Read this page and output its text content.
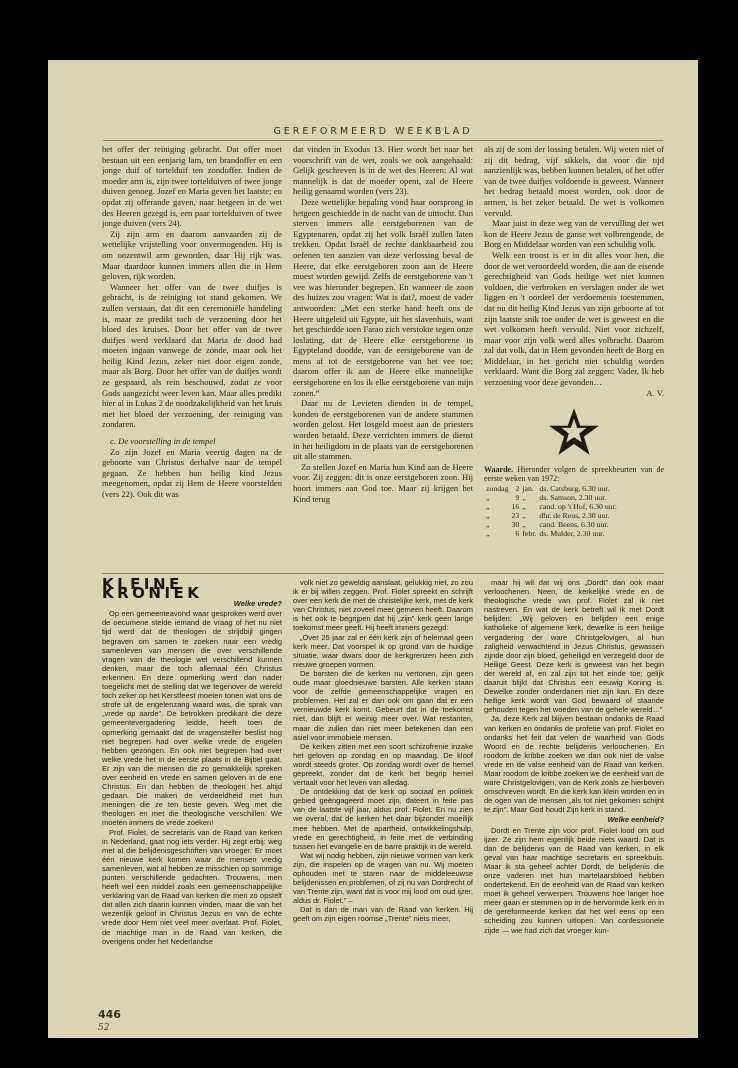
GEREFORMEERD WEEKBLAD

het offer der reiniging gebracht. Dat offer moet bestaan uit een eenjarig lam, ten brandoffer en een jonge duif of tortelduif ten zondoffer. Indien de moeder arm is, zijn twee tortelduiven of twee jonge duiven genoeg. Jozef en Maria geven het laatste; en opdat zij offerande gaven, naar hetgeen in de wet des Heeren gezegd is, een paar tortelduiven of twee jonge duiven (vers 24).

Zij zijn arm en daarom aanvaarden zij de wettelijke vrijstelling voor onvermogenden. Hij is om onzentwil arm geworden, daar Hij rijk was. Maar daardoor kunnen immers allen die in Hem geloven, rijk worden.

Wanneer het offer van de twee duifjes is gebracht, is de reiniging tot stand gekomen. We zullen verstaan, dat dit een ceremoniële handeling is, maar ze predikt toch de verzoening door het bloed des kruises. Door het offer van de twee duifjes werd verklaard dat Maria de dood had moeten ingaan vanwege de zonde, maar ook het heilig Kind Jezus, zeker niet door eigen zonde, maar als Borg. Door het offer van de duifjes wordt ze gespaard, als rein beschouwd, zodat ze voor Gods aangezicht weer leven kan. Maar alles predikt hier al in Lukas 2 de noodzakelijkheid van het kruis met het bloed der verzoening, der reiniging van zondaren.

c. De voorstelling in de tempel

Zo zijn Jozef en Maria veertig dagen na de geboorte van Christus derhalve naar de tempel gegaan. Ze hebben hun heilig kind Jezus meegenomen, opdat zij Hem de Heere voorstelden (vers 22). Ook dit was

dat vinden in Exodus 13. Hier wordt het naar het voorschrift van de wet, zoals we ook aangehaald: Gelijk geschreven is in de wet des Heeren: Al wat mannelijk is dat de moeder opent, zal de Heere heilig genaamd worden (vers 23).

Deze wettelijke bepaling vond haar oorsprong in hetgeen geschiedde in de nacht van de uittocht. Dan sterven immers alle eerstgeborenen van de Egyptenaren, opdat zij het volk Israël zullen laten trekken. Opdat Israël de rechte dankbaarheid zou oefenen ten aanzien van deze verlossing beval de Heere, dat elke eerstgeboren zoon aan de Heere moest worden gewijd. Zelfs de eerstgeborene van 't vee was hieronder begrepen. En wanneer de zoon des huizes zou vragen: Wat is dat?, moest de vader antwoorden: „Met een sterke hand heeft ons de Heere uitgeleid uit Egypte, uit het slavenhuis, want het geschiedde toen Farao zich verstokte tegen onze loslating, dat de Heere elke eerstgeborene in Egypteland doodde, van de eerstgeborene van de mens af tot de eerstgeborene van het vee toe; daarom offer ik aan de Heere elke mannelijke eerstgeborene en los ik elke eerstgeborene van mijn zonen.”

Daar nu de Levieten dienden in de tempel, konden de eerstgeborenen van de andere stammen worden gelost. Het losgeld moest aan de priesters worden betaald. Deze verrichten immers de dienst in het heiligdom in de plaats van de eerstgeborenen uit alle stammen.

Zo stellen Jozef en Maria hun Kind aan de Heere voor. Zij zeggen: dit is onze eerstgeboren zoon. Hij hoort immers aan God toe. Maar zij krijgen het Kind terug

als zij de som der lossing betalen. Wij weten niet of zij dit bedrag, vijf sikkels, dat voor die tijd aanzienlijk was, hebben kunnen betalen, of het offer van de twee duifjes voldoende is geweest. Wanneer het bedrag betaald moest worden, ook door de armen, is het zeker betaald. De wet is volkomen vervuld.

Maar juist in deze weg van de vervulling der wet kon de Heere Jezus de gansе wet volbrengende, de Borg en Middelaar worden van een schuldig volk.

Welk een troost is er in dit alles voor hen, die door de wet veroordeeld worden, die aan de eisende gerechtigheid van Gods heilige wet niet kunnen voldoen, die verbroken en verslagen onder de wet liggen en 't oordeel der verdoemenis toestemmen, dat nu dit heilig Kind Jezus van zijn geboorte af tot zijn laatste snik toe onder de wet is geweest en die wet volkomen heeft vervuld. Niet voor zichzelf, maar voor zijn volk werd alles volbracht. Daarom zal dat volk, dat in Hem gevonden heeft de Borg en Middelaar, in het gericht niet schuldig worden verklaard. Want die Borg zal zeggen: Vader, Ik heb verzoening voor deze gevonden…

A. V.
Waarde. Hieronder volgen de spreekbeurten van de eerste weken van 1972:
zondag	2	jan.	ds. Catsburg, 6.30 uur.
„	9	„	ds. Samson, 2.30 uur.
„	16	„	cand. op 't Hof, 6.30 uur.
„	23	„	dhr. de Reus, 2.30 uur.
„	30	„	cand. Beens, 6.30 uur.
„	6	febr.	ds. Mulder, 2.30 uur.
KLEINE KRONIEK
Welke vrede?

Op een gemeenteavond waar gesproken werd over de oecumene stelde iemand de vraag of het nu niet tijd werd dat de theologen de strijdbijl gingen begraven om samen te zoeken naar een vredig samenleven van mensen die over verschillende vragen van de theologie wel verschillend kunnen denken, maar die toch allemaal één Christus erkennen. En deze opmerking werd dan nader toegelicht met de stelling dat we tegenover de wereld toch zeker op het Kerstfeest moeten tonen wat ons de strofe uit de engelenzang waard was, die sprak van „vrede op aarde”. De betrokken predikant die deze gemeentevergadering leidde, heeft toen de opmerking gemaakt dat de vragensteller beslist nog niet begrepen had over welke vrede de engelen hebben gezongen. En ook niet begrepen had over welke vrede het in de eerste plaats in de Bijbel gaat. Er zijn van die mensen die zo gemakkelijk spreken over eenheid en vrede en samen geloven in de ene Christus. En dan hebben de theologen het altijd gedaan. Die maken de verdeeldheid met hun meningen die ze ten beste geven. Weg met die theologen en met die theologische verschillen. We moeten immers de vrede zoeken!

Prof. Fiolet, de secretaris van de Raad van kerken in Nederland, gaat nog iets verder. Hij zegt erbij: weg met al die belijdenisgeschriften van vroeger. Er moet één nieuwe kerk komen waar de mensen vredig samenleven, wat al hebben ze misschien op sommige punten verschillende gedachten. Trouwens, men heeft wel een middel zoals een gemeenschappelijke verklaring van de Raad van kerken die men zo opstelt dat allen zich daarin kunnen vinden, maar die van het wezenlijk geloof in Christus Jezus en van de echte vrede door Hem niet veel meer overlaat. Prof. Fiolet, de machtige man in de Raad van kerken, die overigens onder het Nederlandse

volk niet zo geweldig aanslaat, gelukkig niet, zo zou ik er bij willen zeggen. Prof. Fiolet spreekt en schrijft over een kerk die met de christelijke kerk, met de kerk van Christus, niet zoveel meer gemeen heeft. Daarom is het ook te begrijpen dat hij „zijn” kerk geen lange toekomst meer geeft. Hij heeft immers gezegd:

„Over 25 jaar zal er één kerk zijn of helemaal geen kerk meer. Dat voorspel ik op grond van de huidige situatie, waar dwars door de kerkgrenzen heen zich nieuwe groepen vormen.

De barsten die de kerken nu vertonen, zijn geen oude maar gloednieuwe barsten. Alle kerken staan voor de zelfde gemeenschappelijke vragen en problemen. Het zal er dan ook om gaan dat er een vernieuwde kerk komt. Gebeurt dat in de toekomst niet, dan blijft er weinig meer over. Wat restanten, maar die zullen dan niet meer betekenen dan een asiel voor immobiele mensen.

De kerken zitten met een soort schizofrenie inzake het geloven op zondag en op maandag. De kloof wordt steeds groter. Op zondag wordt over de hemel gepreekt, zonder dat de kerk het begrip hemel vertaalt voor het leven van alledag.

De ontdekking dat de kerk op sociaal en politiek gebied geëngageerd moet zijn, dateert in feite pas van de laatste vijf jaar, aldus prof. Fiolet. En nu zien we overal, dat de kerken het daar bijzonder moeilijk mee hebben. Met de apartheid, ontwikkelingshulp, vrede en gerechtigheid, in feite met de verbinding tussen het evangelie en de barre praktijk in de wereld.

Wat wij nodig hebben, zijn nieuwe vormen van kerk zijn, die inspelen op de vragen van nu. Wij moeten ophouden met te staren naar de middeleeuwse belijdenissen en problemen, of zij nu van Dordrecht of van Trente zijn, want dat is voor mij lood om oud ijzer, aldus dr. Fiolet.” –

Dat is dan de man van de Raad van kerken. Hij geeft om zijn eigen roomse „Trente” niets meer,

maar hij wil dat wij ons „Dordt” dan ook maar verloochenen. Neen, de kerkelijke vrede en de theologische vrede van prof. Fiolet zal ik niet nastreven. En wat de kerk betreft wil ik met Dordt belijden: „Wij geloven en belijden een enige katholieke of algemene kerk, dewelke is een heilige vergadering der ware Christgelovigen, al hun zaligheid verwachtend in Jezus Christus, gewassen zijnde door zijn bloed, geheiligd en verzegeld door de Heilige Geest. Deze kerk is geweest van het begin der wereld af, en zal zijn tot het einde toe; gelijk daaruit blijkt dat Christus een eeuwig Koning is. Dewelke zonder onderdanen niet zijn kan. En deze heilige kerk wordt van God bewaard of staande gehouden tegen het woeden van de gehele wereld…”

Ja, deze Kerk zal blijven bestaan ondanks de Raad van kerken en ondanks de profetie van prof. Fiolet en ondanks het feit dat velen de waarheid van Gods Woord en de rechte belijdenis verloochenen. En roodom de kribbe zoeken we dan ook niet de valse vrede en de valse eenheid van de Raad van kerken. Maar roodom de kribbe zoeken we de eenheid van de ware Christgelovigen, van de Kerk zoals ze hierboven omschreven wordt. En die kerk kan klein worden en in de ogen van de mensen „als tot niet gekomen schijnt te zijn”. Maar God houdt Zijn kerk in stand.

Welke eenheid?

Dordt en Trente zijn voor prof. Fiolet lood om oud ijzer. Ze zijn hem eigenlijk beide niets waard. Dat is dan de belijdenis van de Raad van kerken, in elk geval van haar machtige secretaris en spreekbuis. Maar ik sta geheel achter Dordt, de belijdenis die onze vaderen met hun martelaarsbloed hebben ondertekend. En de eenheid van de Raad van kerken moet ik geheel verwerpen. Trouwens hoe langer hoe meer gaan er stemmen op in de hervormde kerk en in de gereformeerde kerken dat het wel eens op een scheiding zou kunnen uitlopen. Van confessionele zijde — wie had zich dat vroeger kun-

446
52
